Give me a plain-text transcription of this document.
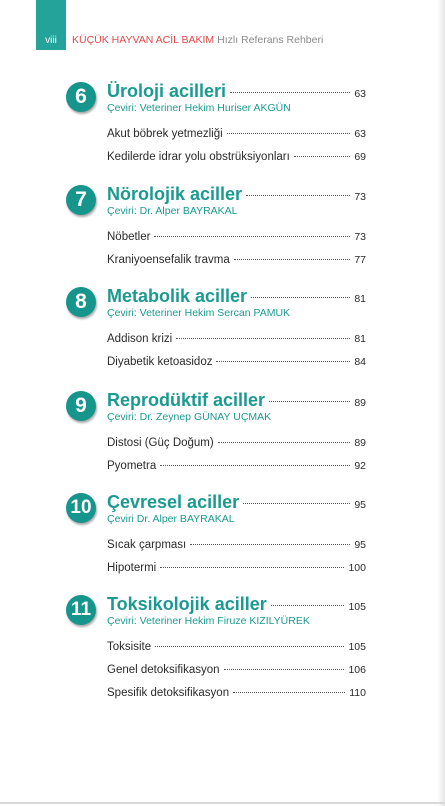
viii	KÜÇÜK HAYVAN ACİL BAKIM Hızlı Referans Rehberi
6	Üroloji acilleri	63
Çeviri: Veteriner Hekim Huriser AKGÜN
Akut böbrek yetmezliği	63
Kedilerde idrar yolu obstrüksiyonları	69
7	Nörolojik aciller	73
Çeviri: Dr. Alper BAYRAKAL
Nöbetler	73
Kraniyoensefalik travma	77
8	Metabolik aciller	81
Çeviri: Veteriner Hekim Sercan PAMUK
Addison krizi	81
Diyabetik ketoasidoz	84
9	Reprodüktif aciller	89
Çeviri: Dr. Zeynep GÜNAY UÇMAK
Distosi (Güç Doğum)	89
Pyometra	92
10 Çevresel aciller	95
Çeviri Dr. Alper BAYRAKAL
Sıcak çarpması	95
Hipotermi	100
11 Toksikolojik aciller	105
Çeviri: Veteriner Hekim Firuze KIZILYÜREK
Toksisite	105
Genel detoksifikasyon	106
Spesifik detoksifikasyon	110
